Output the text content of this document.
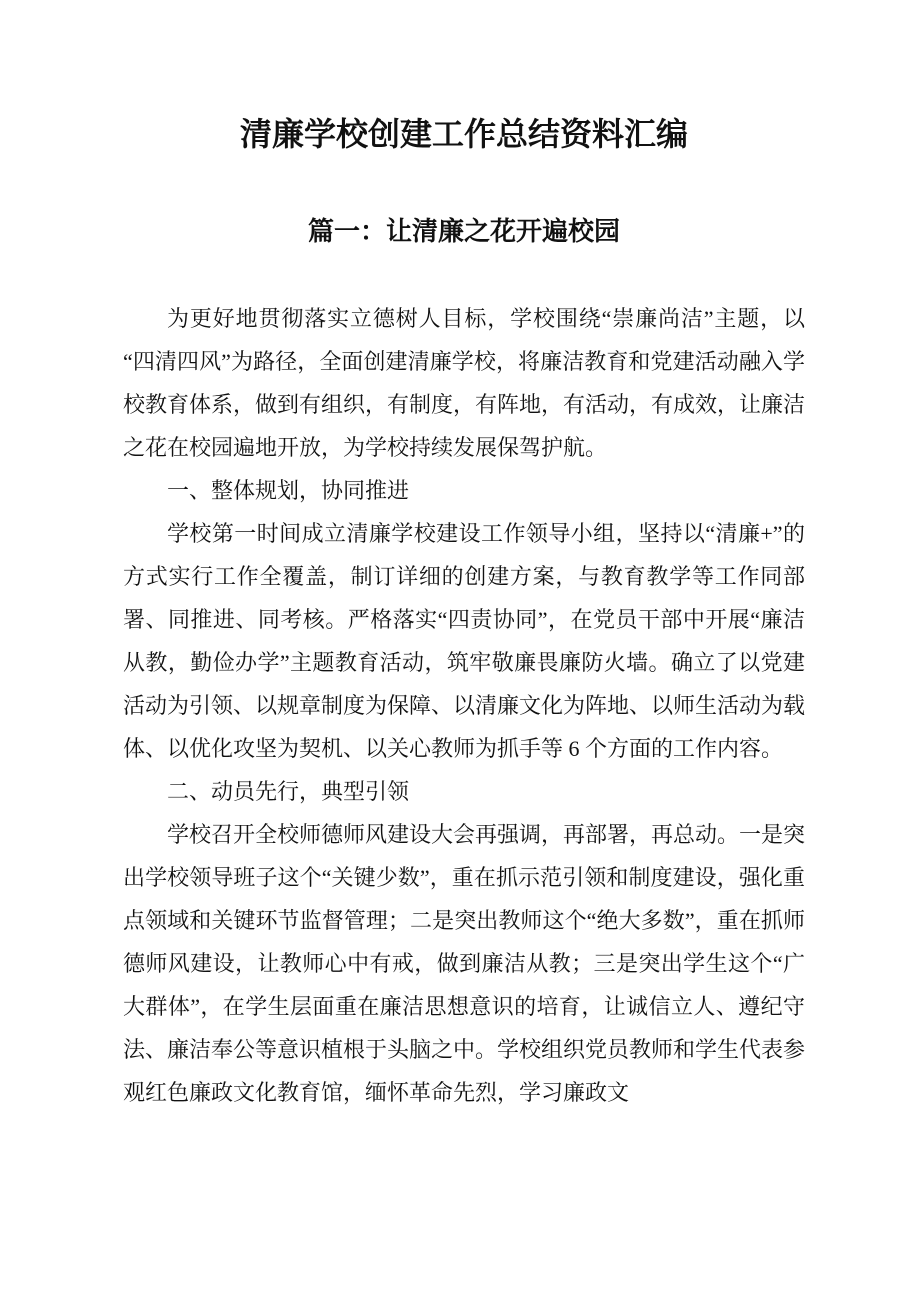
清廉学校创建工作总结资料汇编
篇一：让清廉之花开遍校园

为更好地贯彻落实立德树人目标，学校围绕“崇廉尚洁”主题，以“四清四风”为路径，全面创建清廉学校，将廉洁教育和党建活动融入学校教育体系，做到有组织，有制度，有阵地，有活动，有成效，让廉洁之花在校园遍地开放，为学校持续发展保驾护航。

一、整体规划，协同推进

学校第一时间成立清廉学校建设工作领导小组，坚持以“清廉+”的方式实行工作全覆盖，制订详细的创建方案，与教育教学等工作同部署、同推进、同考核。严格落实“四责协同”，在党员干部中开展“廉洁从教，勤俭办学”主题教育活动，筑牢敬廉畏廉防火墙。确立了以党建活动为引领、以规章制度为保障、以清廉文化为阵地、以师生活动为载体、以优化攻坚为契机、以关心教师为抓手等 6 个方面的工作内容。

二、动员先行，典型引领

学校召开全校师德师风建设大会再强调，再部署，再总动。一是突出学校领导班子这个“关键少数”，重在抓示范引领和制度建设，强化重点领域和关键环节监督管理；二是突出教师这个“绝大多数”，重在抓师德师风建设，让教师心中有戒，做到廉洁从教；三是突出学生这个“广大群体”，在学生层面重在廉洁思想意识的培育，让诚信立人、遵纪守法、廉洁奉公等意识植根于头脑之中。学校组织党员教师和学生代表参观红色廉政文化教育馆，缅怀革命先烈，学习廉政文
